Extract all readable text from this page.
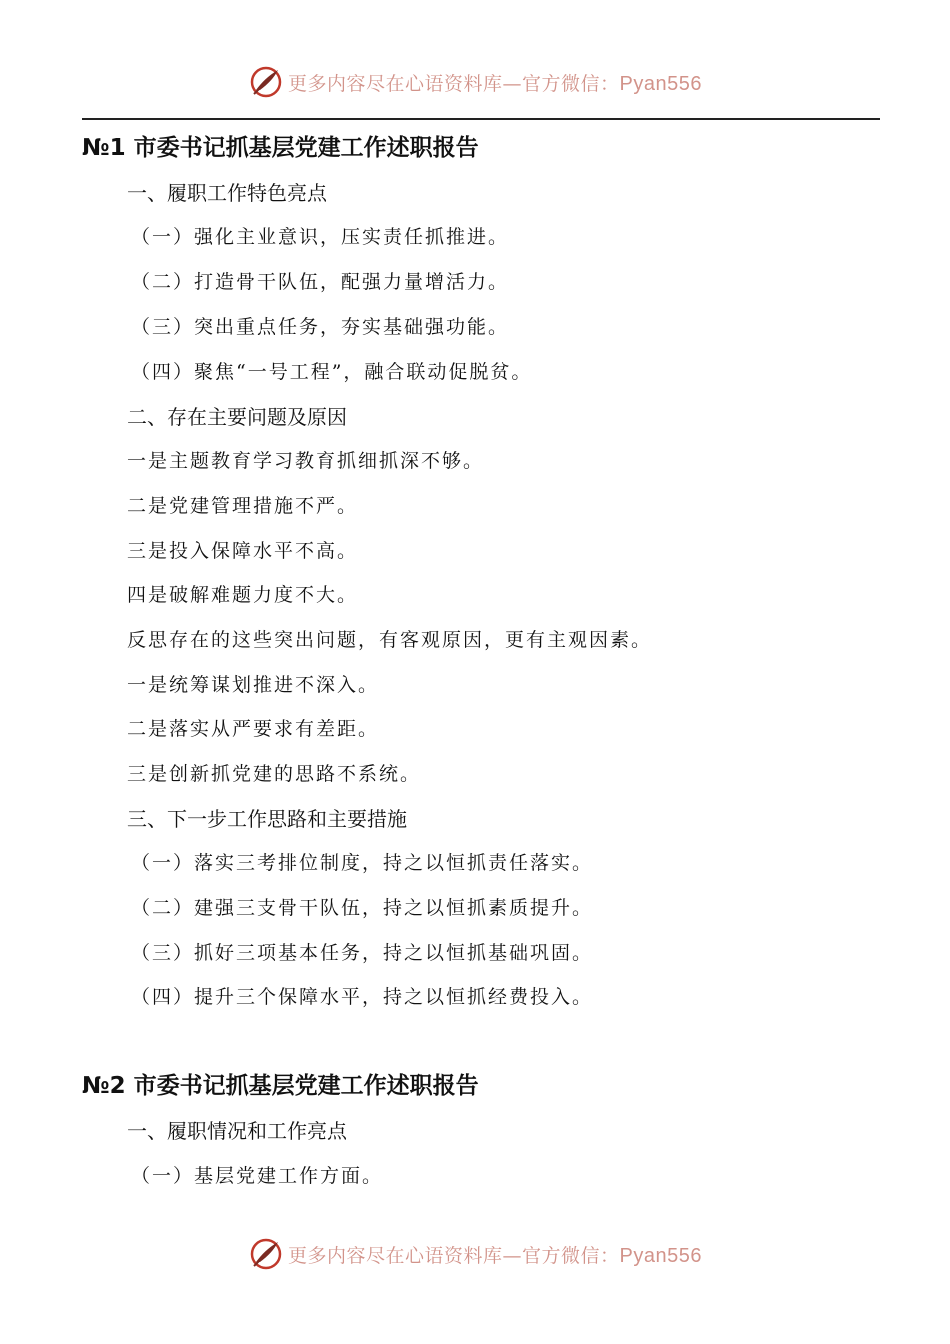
更多内容尽在心语资料库—官方微信：Pyan556
№1 市委书记抓基层党建工作述职报告
一、履职工作特色亮点
（一）强化主业意识，压实责任抓推进。
（二）打造骨干队伍，配强力量增活力。
（三）突出重点任务，夯实基础强功能。
（四）聚焦“一号工程”，融合联动促脱贫。
二、存在主要问题及原因
一是主题教育学习教育抓细抓深不够。
二是党建管理措施不严。
三是投入保障水平不高。
四是破解难题力度不大。
反思存在的这些突出问题，有客观原因，更有主观因素。
一是统筹谋划推进不深入。
二是落实从严要求有差距。
三是创新抓党建的思路不系统。
三、下一步工作思路和主要措施
（一）落实三考排位制度，持之以恒抓责任落实。
（二）建强三支骨干队伍，持之以恒抓素质提升。
（三）抓好三项基本任务，持之以恒抓基础巩固。
（四）提升三个保障水平，持之以恒抓经费投入。
№2 市委书记抓基层党建工作述职报告
一、履职情况和工作亮点
（一）基层党建工作方面。
更多内容尽在心语资料库—官方微信：Pyan556
